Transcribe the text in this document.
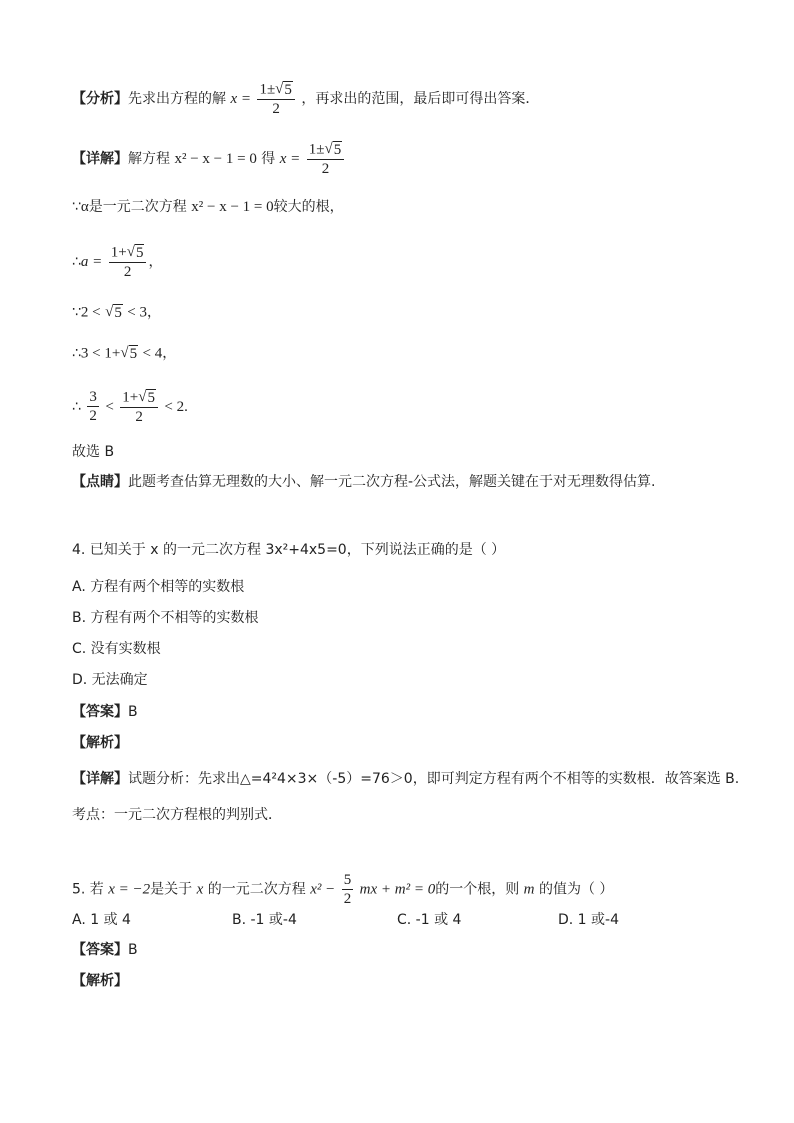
【分析】先求出方程的解 $x = \frac{1\pm√5}{2}$ ，再求出的范围，最后即可得出答案．
【详解】解方程 x² − x − 1 = 0 得 $x = \frac{1\pm√5}{2}$
∵α是一元二次方程 x² − x − 1 = 0较大的根，
∴a = $\frac{1+√5}{2}$ ，
∵2 < √5 < 3，
∴3 < 1+√5 < 4，
∴ $\frac{3}{2} < \frac{1+√5}{2} < 2$.
故选 B
【点睛】此题考查估算无理数的大小、解一元二次方程-公式法，解题关键在于对无理数得估算.
4. 已知关于 x 的一元二次方程 3x²+4x5=0，下列说法正确的是（ ）
A. 方程有两个相等的实数根
B. 方程有两个不相等的实数根
C. 没有实数根
D. 无法确定
【答案】B
【解析】
【详解】试题分析：先求出△=4²4×3×（-5）=76＞0，即可判定方程有两个不相等的实数根．故答案选 B.
考点：一元二次方程根的判别式．
5. 若 x = −2是关于 x 的一元二次方程 $x^2 - \frac{5}{2}$ mx + m² = 0的一个根，则 m 的值为（ ）
A. 1 或 4	B. -1 或-4	C. -1 或 4	D. 1 或-4
【答案】B
【解析】
